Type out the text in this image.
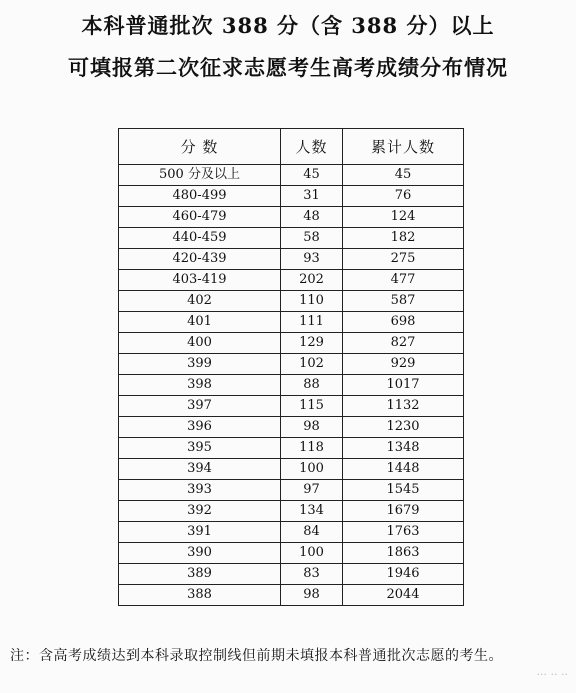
本科普通批次 388 分（含 388 分）以上
可填报第二次征求志愿考生高考成绩分布情况
分 数	人数	累计人数
500 分及以上	45	45
480-499	31	76
460-479	48	124
440-459	58	182
420-439	93	275
403-419	202	477
402	110	587
401	111	698
400	129	827
399	102	929
398	88	1017
397	115	1132
396	98	1230
395	118	1348
394	100	1448
393	97	1545
392	134	1679
391	84	1763
390	100	1863
389	83	1946
388	98	2044
注：含高考成绩达到本科录取控制线但前期未填报本科普通批次志愿的考生。
··· ·· ··
